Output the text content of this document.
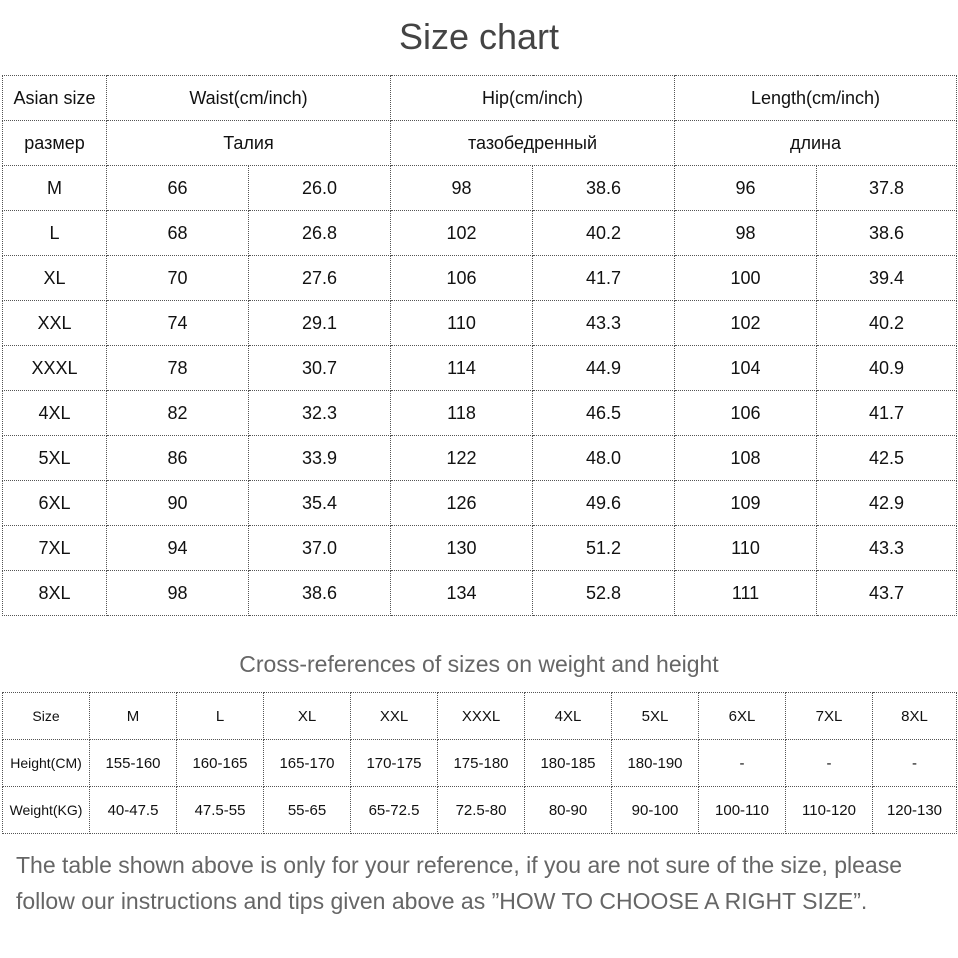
Size chart
Asian size	Waist(cm/inch)		Hip(cm/inch)		Length(cm/inch)	
размер	Талия		тазобедренный		длина	
M	66	26.0	98	38.6	96	37.8
L	68	26.8	102	40.2	98	38.6
XL	70	27.6	106	41.7	100	39.4
XXL	74	29.1	110	43.3	102	40.2
XXXL	78	30.7	114	44.9	104	40.9
4XL	82	32.3	118	46.5	106	41.7
5XL	86	33.9	122	48.0	108	42.5
6XL	90	35.4	126	49.6	109	42.9
7XL	94	37.0	130	51.2	110	43.3
8XL	98	38.6	134	52.8	111	43.7
Cross-references of sizes on weight and height
Size	M	L	XL	XXL	XXXL	4XL	5XL	6XL	7XL	8XL
Height(CM)	155-160	160-165	165-170	170-175	175-180	180-185	180-190	-	-	-
Weight(KG)	40-47.5	47.5-55	55-65	65-72.5	72.5-80	80-90	90-100	100-110	110-120	120-130

The table shown above is only for your reference, if you are not sure of the size, please follow our instructions and tips given above as ”HOW TO CHOOSE A RIGHT SIZE”.
